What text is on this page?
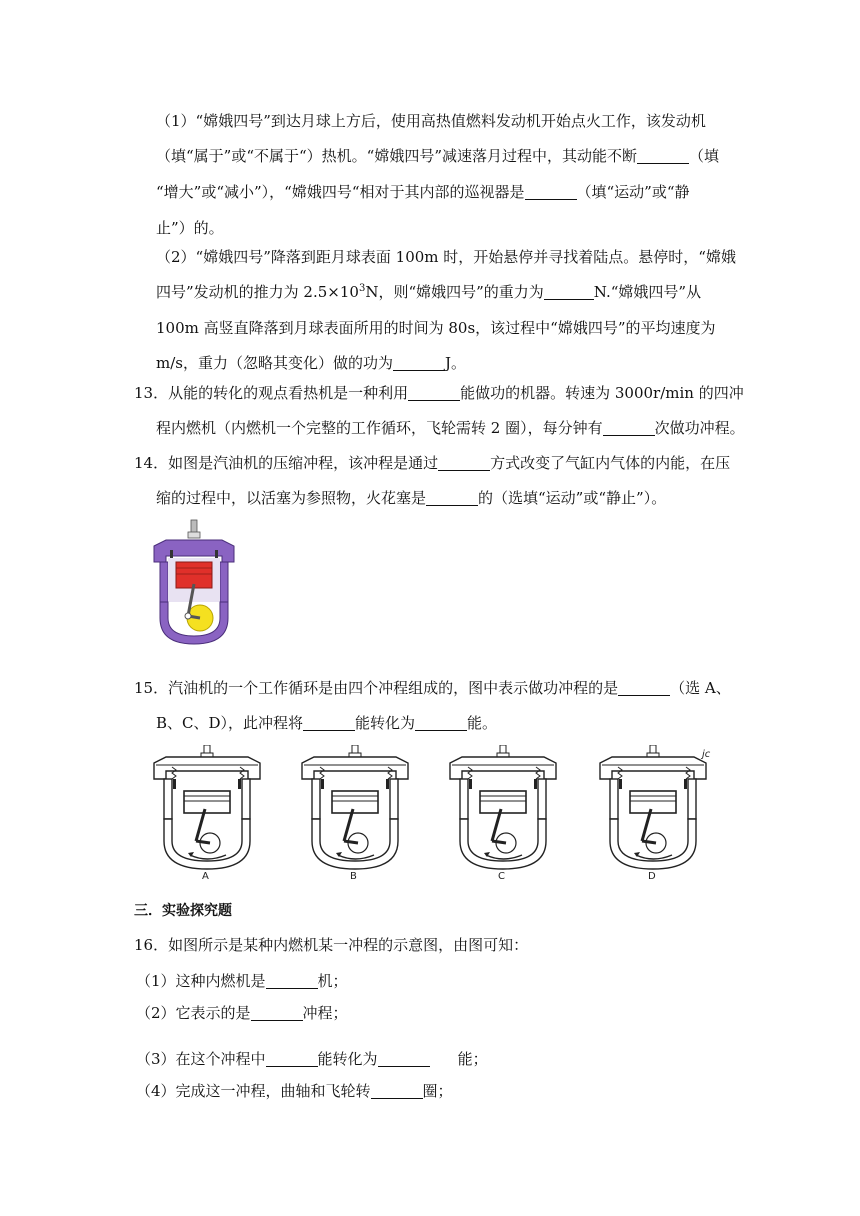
（1）“嫦娥四号”到达月球上方后，使用高热值燃料发动机开始点火工作，该发动机
（填“属于”或“不属于“）热机。“嫦娥四号”减速落月过程中，其动能不断	（填
“增大”或“减小”），“嫦娥四号“相对于其内部的巡视器是	（填“运动”或“静
止”）的。
（2）“嫦娥四号”降落到距月球表面 100m 时，开始悬停并寻找着陆点。悬停时，“嫦娥
四号”发动机的推力为 $2.5\times 10^3N$，则“嫦娥四号”的重力为	N.“嫦娥四号”从
100m 高竖直降落到月球表面所用的时间为 80s，该过程中“嫦娥四号”的平均速度为
m/s，重力（忽略其变化）做的功为	J。
13．从能的转化的观点看热机是一种利用	能做功的机器。转速为 3000r/min 的四冲
程内燃机（内燃机一个完整的工作循环，飞轮需转 2 圈），每分钟有	次做功冲程。
14．如图是汽油机的压缩冲程，该冲程是通过	方式改变了气缸内气体的内能，在压
缩的过程中，以活塞为参照物，火花塞是	的（选填“运动”或“静止”）。
15．汽油机的一个工作循环是由四个冲程组成的，图中表示做功冲程的是	（选 A、
B、C、D），此冲程将	能转化为	能。
A	B	C	D
jc
三．实验探究题
16．如图所示是某种内燃机某一冲程的示意图，由图可知：
（1）这种内燃机是	机；
（2）它表示的是	冲程；
（3）在这个冲程中	能转化为	能；
（4）完成这一冲程，曲轴和飞轮转	圈；
